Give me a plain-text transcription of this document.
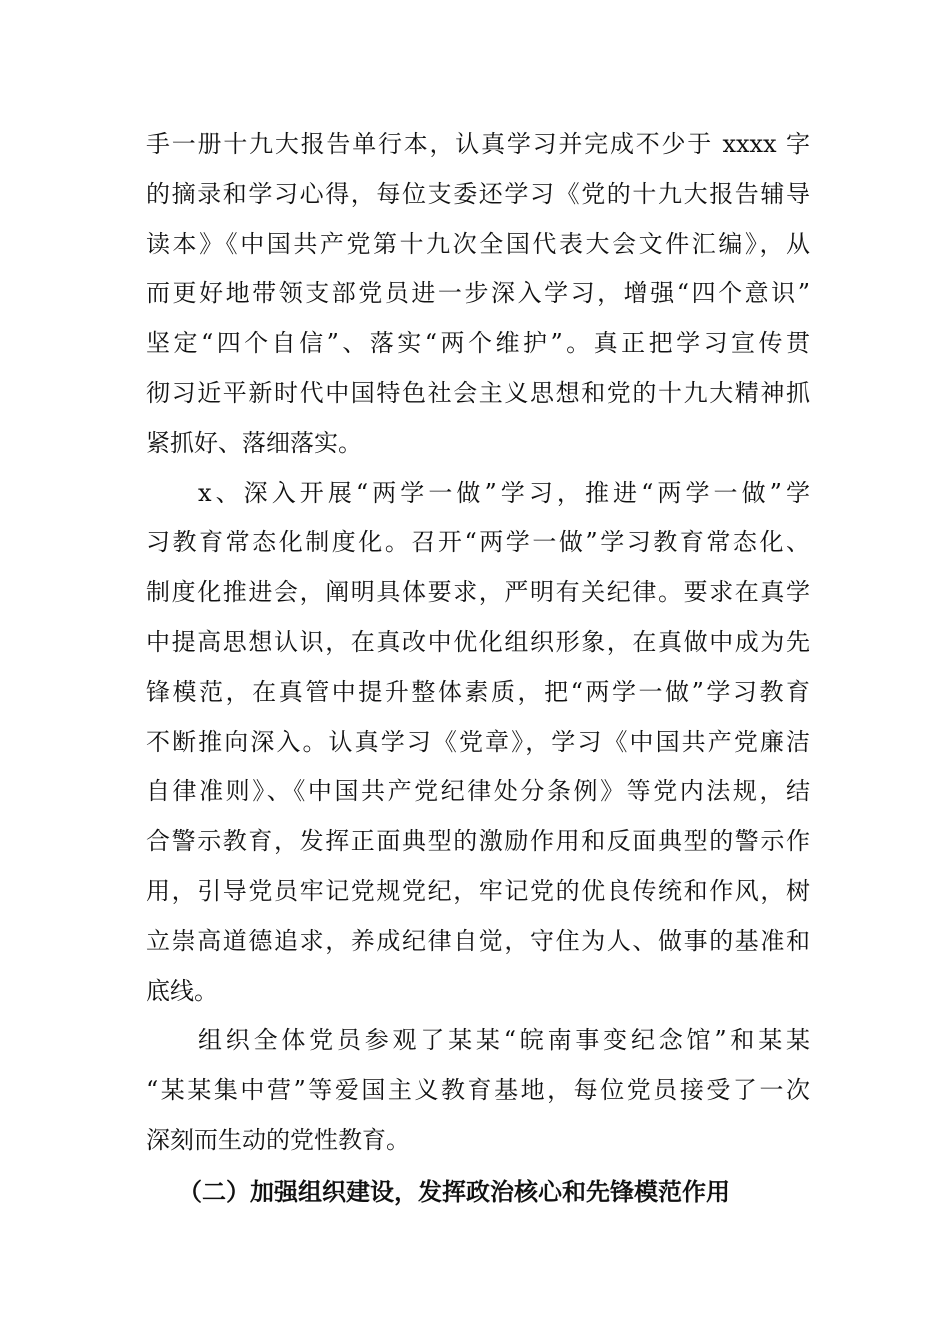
手一册十九大报告单行本，认真学习并完成不少于 xxxx 字
的摘录和学习心得，每位支委还学习《党的十九大报告辅导
读本》《中国共产党第十九次全国代表大会文件汇编》，从
而更好地带领支部党员进一步深入学习，增强“四个意识”
坚定“四个自信”、落实“两个维护”。真正把学习宣传贯
彻习近平新时代中国特色社会主义思想和党的十九大精神抓
紧抓好、落细落实。
x、深入开展“两学一做”学习，推进“两学一做”学
习教育常态化制度化。召开“两学一做”学习教育常态化、
制度化推进会，阐明具体要求，严明有关纪律。要求在真学
中提高思想认识，在真改中优化组织形象，在真做中成为先
锋模范，在真管中提升整体素质，把“两学一做”学习教育
不断推向深入。认真学习《党章》，学习《中国共产党廉洁
自律准则》、《中国共产党纪律处分条例》等党内法规，结
合警示教育，发挥正面典型的激励作用和反面典型的警示作
用，引导党员牢记党规党纪，牢记党的优良传统和作风，树
立崇高道德追求，养成纪律自觉，守住为人、做事的基准和
底线。
组织全体党员参观了某某“皖南事变纪念馆”和某某
“某某集中营”等爱国主义教育基地，每位党员接受了一次
深刻而生动的党性教育。
（二）加强组织建设，发挥政治核心和先锋模范作用
